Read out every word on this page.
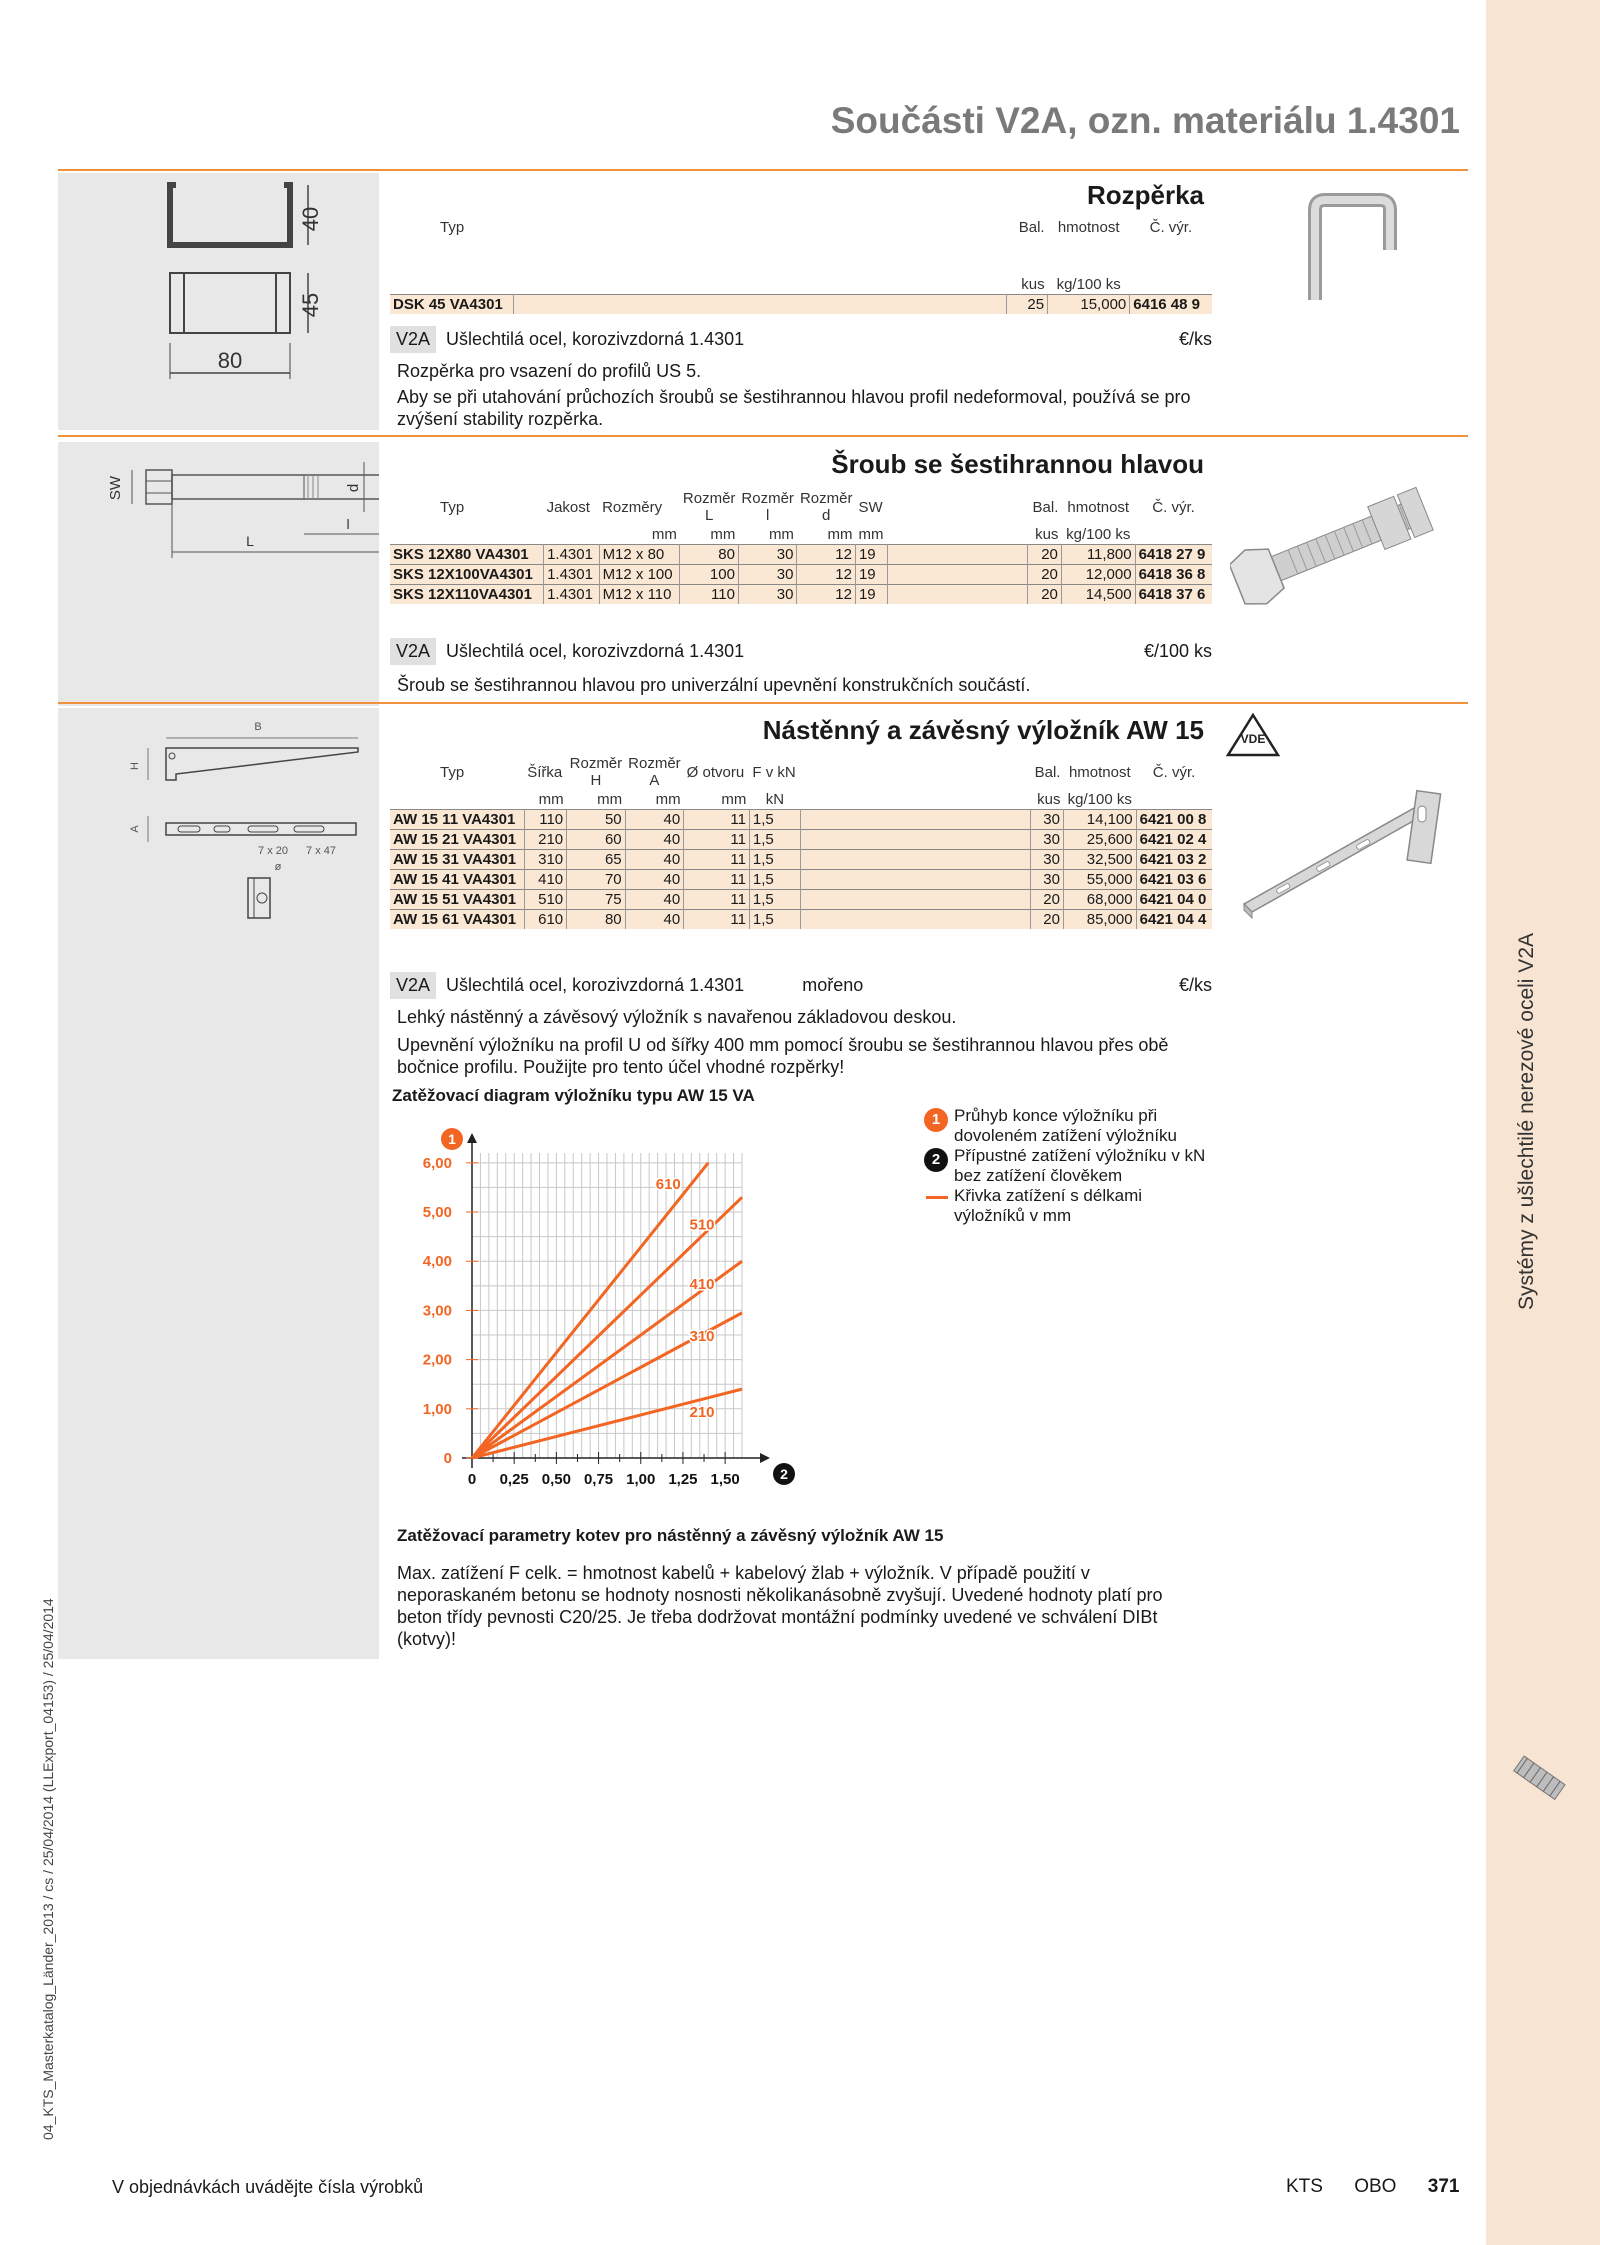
Systémy z ušlechtilé nerezové oceli V2A
Součásti V2A, ozn. materiálu 1.4301
40
45
80
Rozpěrka
Typ		Bal.	hmotnost	Č. výr.

		kus	kg/100 ks	
DSK 45 VA4301		25	15,000	6416 48 9
V2A Ušlechtilá ocel, korozivzdorná 1.4301	€/ks
Rozpěrka pro vsazení do profilů US 5.
Aby se při utahování průchozích šroubů se šestihrannou hlavou profil nedeformoval, používá se pro zvýšení stability rozpěrka.
SW	d
l
L
Šroub se šestihrannou hlavou
Typ	Jakost	Rozměry	Rozměr L	Rozměr l	Rozměr d	SW		Bal.	hmotnost	Č. výr.
		mm	mm	mm	mm	mm		kus	kg/100 ks	
SKS 12X80 VA4301	1.4301	M12 x 80	80	30	12	19		20	11,800	6418 27 9
SKS 12X100VA4301	1.4301	M12 x 100	100	30	12	19		20	12,000	6418 36 8
SKS 12X110VA4301	1.4301	M12 x 110	110	30	12	19		20	14,500	6418 37 6
V2A Ušlechtilá ocel, korozivzdorná 1.4301	€/100 ks
Šroub se šestihrannou hlavou pro univerzální upevnění konstrukčních součástí.
B
H
A
7 x 20 7 x 47
ø
Nástěnný a závěsný výložník AW 15	VDE
Typ	Šířka	Rozměr H	Rozměr A	Ø otvoru	F v kN		Bal.	hmotnost	Č. výr.
	mm	mm	mm	mm	kN		kus	kg/100 ks	
AW 15 11 VA4301	110	50	40	11	1,5		30	14,100	6421 00 8
AW 15 21 VA4301	210	60	40	11	1,5		30	25,600	6421 02 4
AW 15 31 VA4301	310	65	40	11	1,5		30	32,500	6421 03 2
AW 15 41 VA4301	410	70	40	11	1,5		30	55,000	6421 03 6
AW 15 51 VA4301	510	75	40	11	1,5		20	68,000	6421 04 0
AW 15 61 VA4301	610	80	40	11	1,5		20	85,000	6421 04 4
V2A Ušlechtilá ocel, korozivzdorná 1.4301	mořeno	€/ks
Lehký nástěnný a závěsový výložník s navařenou základovou deskou.
Upevnění výložníku na profil U od šířky 400 mm pomocí šroubu se šestihrannou hlavou přes obě bočnice profilu. Použijte pro tento účel vhodné rozpěrky!
Zatěžovací diagram výložníku typu AW 15 VA
1 Průhyb konce výložníku při dovoleném zatížení výložníku
2 Přípustné zatížení výložníku v kN bez zatížení člověkem
Křivka zatížení s délkami výložníků v mm
0 0,25 0,50 0,75 1,00 1,25 1,50
0
1,00
2,00
3,00
4,00
5,00
6,00
1
2
210
310
410
510
610
Zatěžovací parametry kotev pro nástěnný a závěsný výložník AW 15
Max. zatížení F celk. = hmotnost kabelů + kabelový žlab + výložník. V případě použití v neporaskaném betonu se hodnoty nosnosti několikanásobně zvyšují. Uvedené hodnoty platí pro beton třídy pevnosti C20/25. Je třeba dodržovat montážní podmínky uvedené ve schválení DIBt (kotvy)!
04_KTS_Masterkatalog_Länder_2013 / cs / 25/04/2014 (LLExport_04153) / 25/04/2014
V objednávkách uvádějte čísla výrobků	KTS OBO 371
